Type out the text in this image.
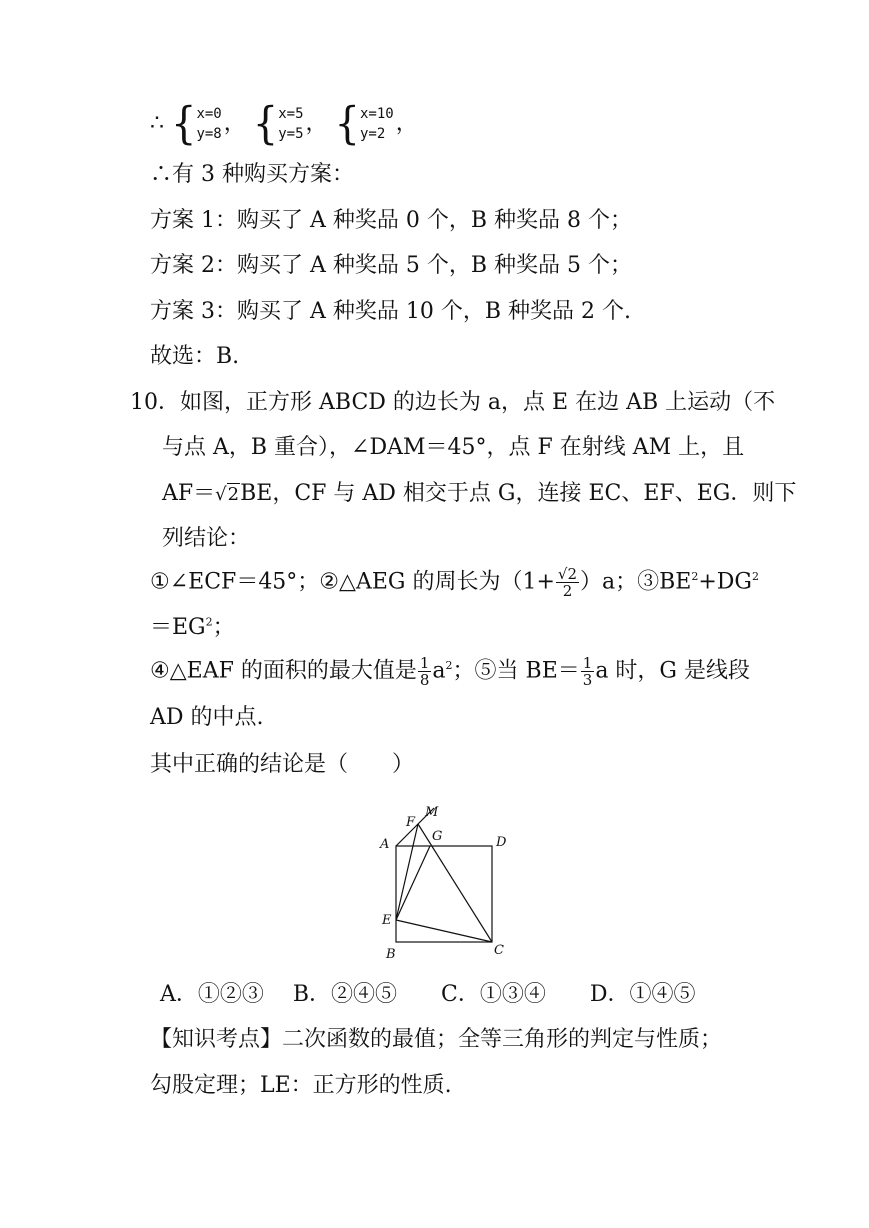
∴ { x=0
y=8 ， { x=5
y=5 ， { x=10
y=2 ，
∴有 3 种购买方案：
方案 1：购买了 A 种奖品 0 个，B 种奖品 8 个；
方案 2：购买了 A 种奖品 5 个，B 种奖品 5 个；
方案 3：购买了 A 种奖品 10 个，B 种奖品 2 个.
故选：B.
10．如图，正方形 ABCD 的边长为 a，点 E 在边 AB 上运动（不
与点 A，B 重合），∠DAM＝45°，点 F 在射线 AM 上，且
AF＝√2BE，CF 与 AD 相交于点 G，连接 EC、EF、EG．则下
列结论：
①∠ECF＝45°；②△AEG 的周长为$(1+ \frac{√2}{2} )a$；$③BE^2+DG^2$
$=EG^2$；
④△EAF 的面积的最大值是 $\frac{1}{8} a^2$；⑤当 $BE= \frac{1}{3}$ a 时，G 是线段
AD 的中点.
其中正确的结论是（　　）
M
F
G
A	D
E
B	C
A．①②③　 B．②④⑤　　C．①③④　　D．①④⑤
【知识考点】二次函数的最值；全等三角形的判定与性质；
勾股定理；LE：正方形的性质.
